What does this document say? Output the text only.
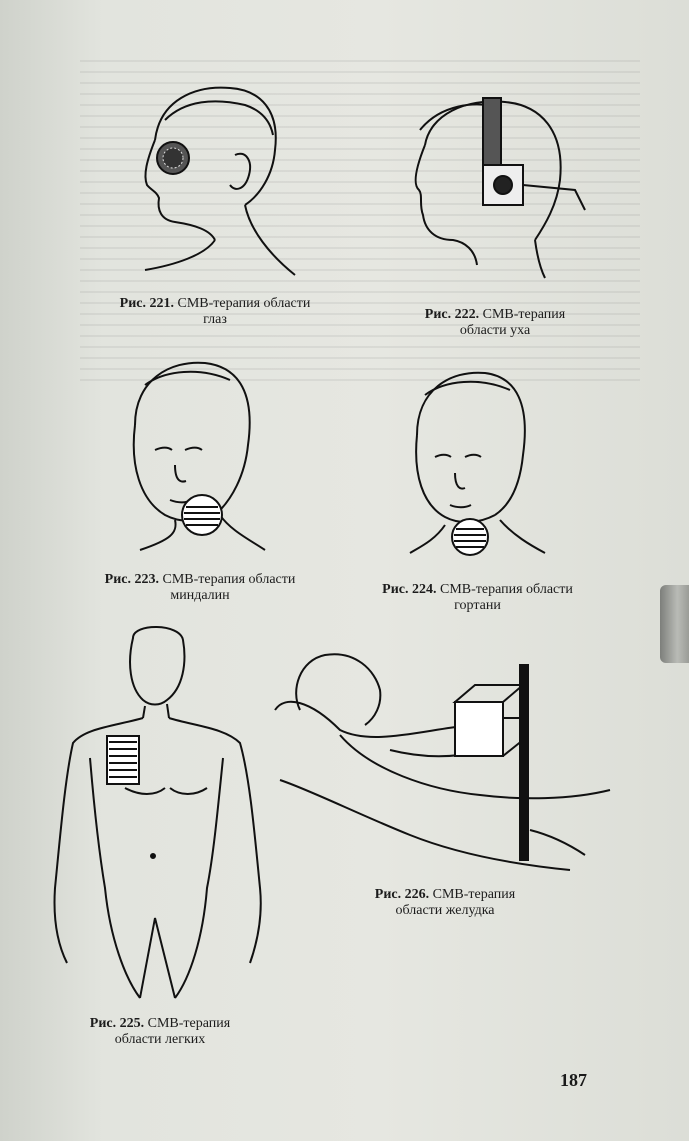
Рис. 221. СМВ-терапия области
глаз	Рис. 222. СМВ-терапия
области уха
Рис. 223. СМВ-терапия области
миндалин	Рис. 224. СМВ-терапия области
гортани
Рис. 225. СМВ-терапия
области легких
Рис. 226. СМВ-терапия
области желудка
187
